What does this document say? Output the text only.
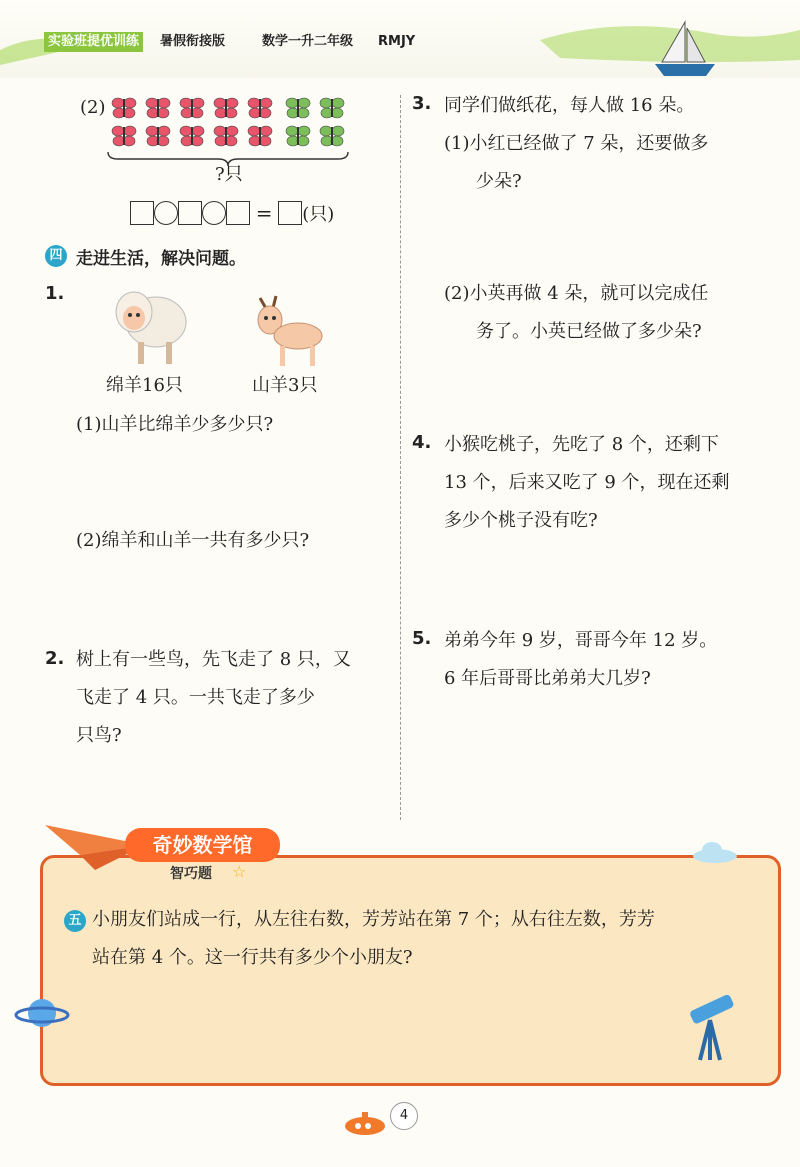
实验班提优训练	暑假衔接版	数学一升二年级 RMJY
(2)
?只
= (只)
四 走进生活，解决问题。
1.
绵羊16只	山羊3只
(1)山羊比绵羊少多少只?
(2)绵羊和山羊一共有多少只?
2. 树上有一些鸟，先飞走了 8 只，又
飞走了 4 只。一共飞走了多少
只鸟?
3. 同学们做纸花，每人做 16 朵。
(1)小红已经做了 7 朵，还要做多
少朵?
(2)小英再做 4 朵，就可以完成任
务了。小英已经做了多少朵?
4. 小猴吃桃子，先吃了 8 个，还剩下
13 个，后来又吃了 9 个，现在还剩
多少个桃子没有吃?
5. 弟弟今年 9 岁，哥哥今年 12 岁。
6 年后哥哥比弟弟大几岁?
奇妙数学馆
智巧题 ☆
五 小朋友们站成一行，从左往右数，芳芳站在第 7 个；从右往左数，芳芳
站在第 4 个。这一行共有多少个小朋友?
4
